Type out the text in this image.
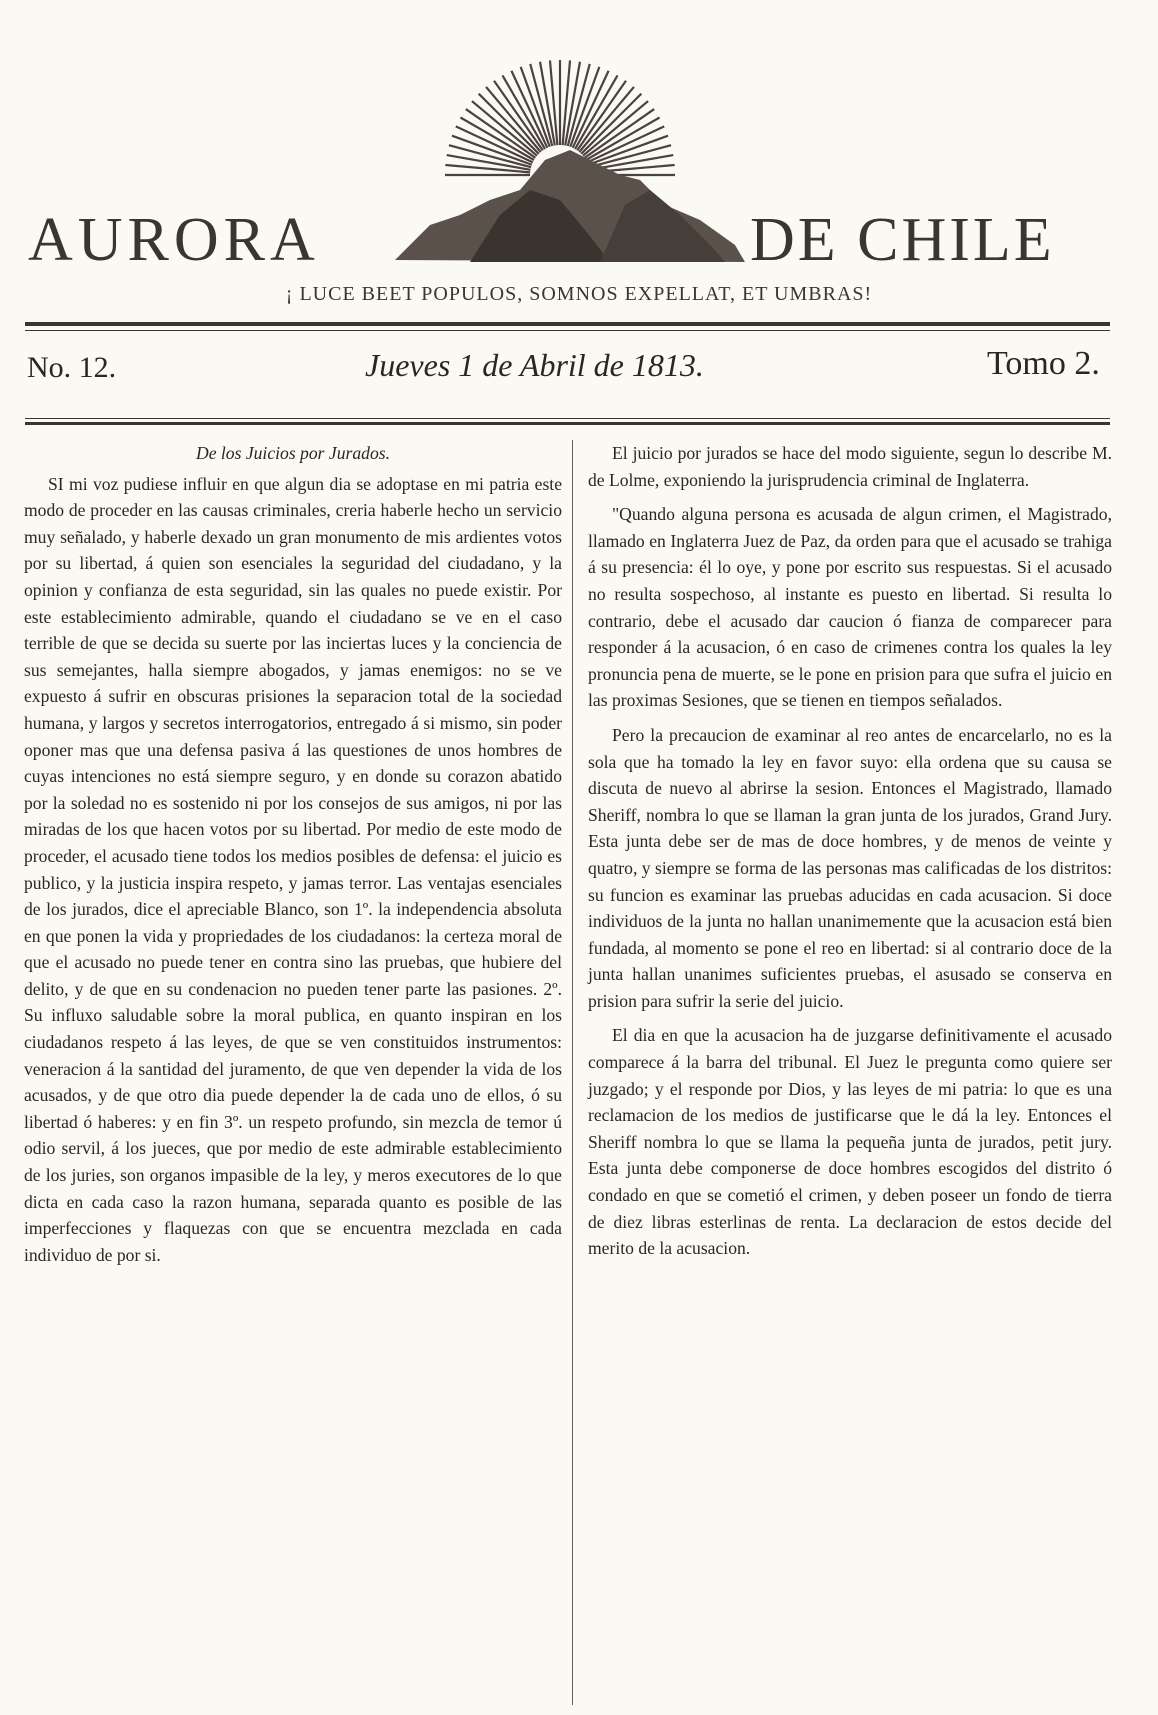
AURORA	DE CHILE
¡ LUCE BEET POPULOS, SOMNOS EXPELLAT, ET UMBRAS!
No. 12.	Jueves 1 de Abril de 1813.	Tomo 2.

De los Juicios por Jurados.

SI mi voz pudiese influir en que algun dia se adoptase en mi patria este modo de proceder en las causas criminales, creria haberle hecho un servicio muy señalado, y haberle dexado un gran monumento de mis ardientes votos por su libertad, á quien son esenciales la seguridad del ciudadano, y la opinion y confianza de esta seguridad, sin las quales no puede existir. Por este establecimiento admirable, quando el ciudadano se ve en el caso terrible de que se decida su suerte por las inciertas luces y la conciencia de sus semejantes, halla siempre abogados, y jamas enemigos: no se ve expuesto á sufrir en obscuras prisiones la separacion total de la sociedad humana, y largos y secretos interrogatorios, entregado á si mismo, sin poder oponer mas que una defensa pasiva á las questiones de unos hombres de cuyas intenciones no está siempre seguro, y en donde su corazon abatido por la soledad no es sostenido ni por los consejos de sus amigos, ni por las miradas de los que hacen votos por su libertad. Por medio de este modo de proceder, el acusado tiene todos los medios posibles de defensa: el juicio es publico, y la justicia inspira respeto, y jamas terror. Las ventajas esenciales de los jurados, dice el apreciable Blanco, son 1º. la independencia absoluta en que ponen la vida y propriedades de los ciudadanos: la certeza moral de que el acusado no puede tener en contra sino las pruebas, que hubiere del delito, y de que en su condenacion no pueden tener parte las pasiones. 2º. Su influxo saludable sobre la moral publica, en quanto inspiran en los ciudadanos respeto á las leyes, de que se ven constituidos instrumentos: veneracion á la santidad del juramento, de que ven depender la vida de los acusados, y de que otro dia puede depender la de cada uno de ellos, ó su libertad ó haberes: y en fin 3º. un respeto profundo, sin mezcla de temor ú odio servil, á los jueces, que por medio de este admirable establecimiento de los juries, son organos impasible de la ley, y meros executores de lo que dicta en cada caso la razon humana, separada quanto es posible de las imperfecciones y flaquezas con que se encuentra mezclada en cada individuo de por si.

El juicio por jurados se hace del modo siguiente, segun lo describe M. de Lolme, exponiendo la jurisprudencia criminal de Inglaterra.

"Quando alguna persona es acusada de algun crimen, el Magistrado, llamado en Inglaterra Juez de Paz, da orden para que el acusado se trahiga á su presencia: él lo oye, y pone por escrito sus respuestas. Si el acusado no resulta sospechoso, al instante es puesto en libertad. Si resulta lo contrario, debe el acusado dar caucion ó fianza de comparecer para responder á la acusacion, ó en caso de crimenes contra los quales la ley pronuncia pena de muerte, se le pone en prision para que sufra el juicio en las proximas Sesiones, que se tienen en tiempos señalados.

Pero la precaucion de examinar al reo antes de encarcelarlo, no es la sola que ha tomado la ley en favor suyo: ella ordena que su causa se discuta de nuevo al abrirse la sesion. Entonces el Magistrado, llamado Sheriff, nombra lo que se llaman la gran junta de los jurados, Grand Jury. Esta junta debe ser de mas de doce hombres, y de menos de veinte y quatro, y siempre se forma de las personas mas calificadas de los distritos: su funcion es examinar las pruebas aducidas en cada acusacion. Si doce individuos de la junta no hallan unanimemente que la acusacion está bien fundada, al momento se pone el reo en libertad: si al contrario doce de la junta hallan unanimes suficientes pruebas, el asusado se conserva en prision para sufrir la serie del juicio.

El dia en que la acusacion ha de juzgarse definitivamente el acusado comparece á la barra del tribunal. El Juez le pregunta como quiere ser juzgado; y el responde por Dios, y las leyes de mi patria: lo que es una reclamacion de los medios de justificarse que le dá la ley. Entonces el Sheriff nombra lo que se llama la pequeña junta de jurados, petit jury. Esta junta debe componerse de doce hombres escogidos del distrito ó condado en que se cometió el crimen, y deben poseer un fondo de tierra de diez libras esterlinas de renta. La declaracion de estos decide del merito de la acusacion.
